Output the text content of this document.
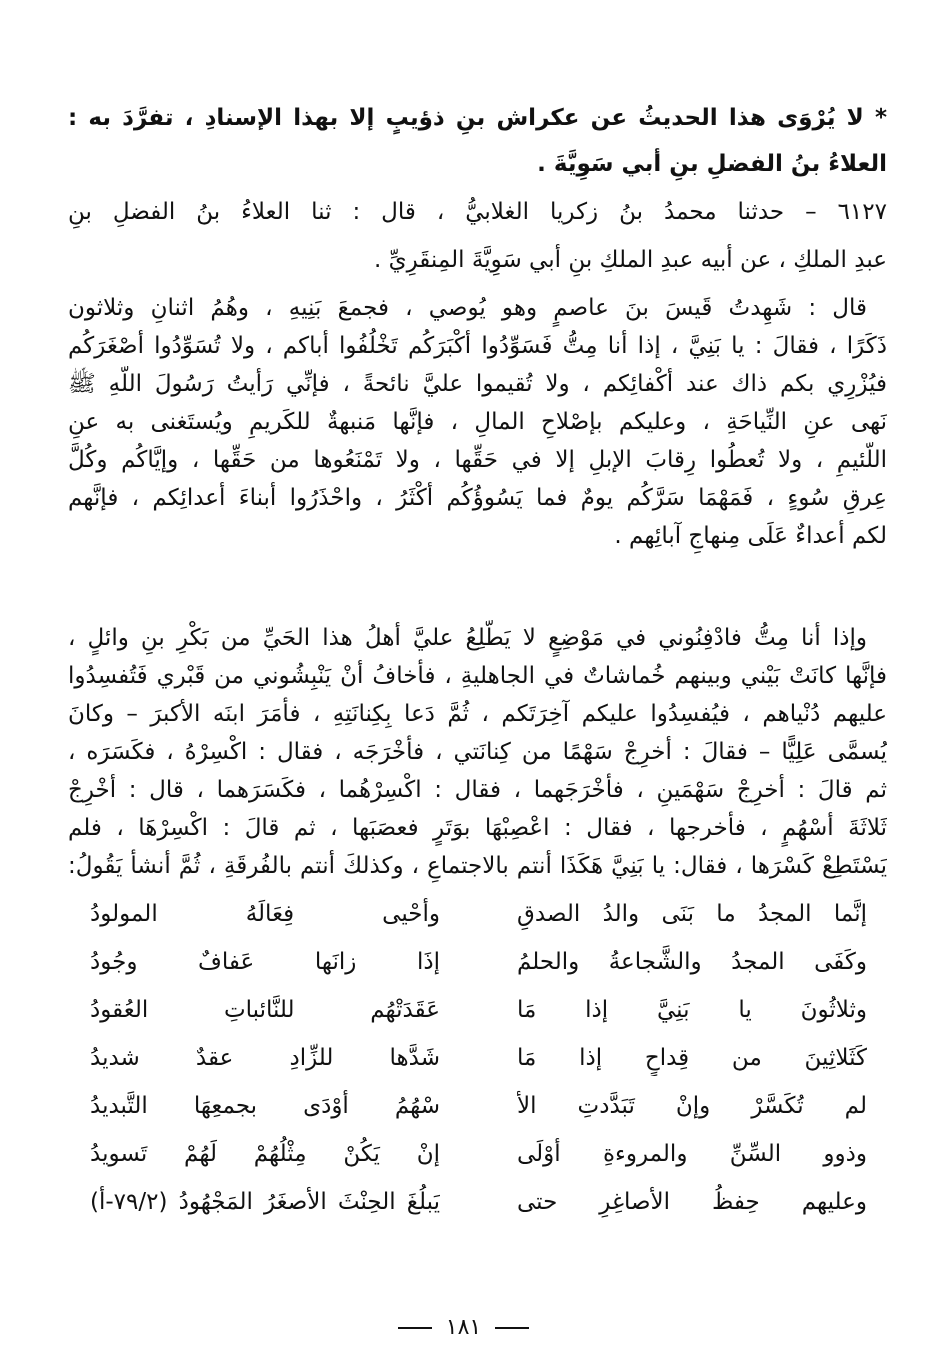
* لا يُرْوَى هذا الحديثُ عن عكراش بنِ ذؤيبٍ إلا بهذا الإسنادِ ، تفرَّدَ به :
العلاءُ بنُ الفضلِ بنِ أبي سَوِيَّةَ .
٦١٢٧ – حدثنا محمدُ بنُ زكريا الغلابيُّ ، قال : ثنا العلاءُ بنُ الفضلِ بنِ
عبدِ الملكِ ، عن أبيه عبدِ الملكِ بنِ أبي سَوِيَّةَ المِنقَرِيِّ .
قال : شَهِدتُ قَيسَ بنَ عاصمٍ وهو يُوصي ، فجمعَ بَنِيهِ ، وهُمُ اثنانِ وثلاثون
ذَكَرًا ، فقالَ : يا بَنِيَّ ، إذا أنا مِتُّ فَسَوِّدُوا أكْبَرَكُم تَخْلُفُوا أباكم ، ولا تُسَوِّدُوا أصْغَرَكُم
فيُزْرِي بكم ذاك عند أكْفائِكم ، ولا تُقيموا عليَّ نائحةً ، فإنِّي رَأيتُ رَسُولَ اللَّهِ ﷺ
نَهى عنِ النِّياحَةِ ، وعليكم بإصْلاحِ المالِ ، فإنَّها مَنبهةٌ للكَريمِ ويُستَغنى به عنِ
اللَّئيمِ ، ولا تُعطُوا رِقابَ الإبلِ إلا في حَقِّها ، ولا تَمْنَعُوها من حَقِّها ، وإيَّاكُم وكُلَّ
عِرقِ سُوءٍ ، فَمَهْمَا سَرَّكُم يومٌ فما يَسُوؤُكُم أكْثَرُ ، واحْذَرُوا أبناءَ أعدائِكم ، فإنَّهم
لكم أعداءٌ عَلَى مِنهاجِ آبائِهم .
وإذا أنا مِتُّ فادْفِنُوني في مَوْضِعٍ لا يَطَّلِعُ عليَّ أهلُ هذا الحَيِّ من بَكْرِ بنِ وائلٍ ،
فإنَّها كانَتْ بَيْني وبينهم خُماشاتٌ في الجاهليةِ ، فأخافُ أنْ يَنْبِشُوني من قَبْري فَتُفسِدُوا
عليهم دُنْياهم ، فيُفسِدُوا عليكم آخِرَتَكم ، ثُمَّ دَعا بِكِنانَتِهِ ، فأمَرَ ابنَه الأكبرَ – وكانَ
يُسمَّى عَلِيًّا – فقالَ : أخرِجْ سَهْمًا من كِنانَتي ، فأخْرَجَه ، فقال : اكْسِرْهُ ، فكَسَرَه ،
ثم قالَ : أخرِجْ سَهْمَينِ ، فأخْرَجَهما ، فقال : اكْسِرْهُما ، فكَسَرَهما ، قال : أخْرِجْ
ثَلاثَةَ أسْهُمٍ ، فأخرجها ، فقال : اعْصِبْهَا بوَتَرٍ فعصَبَها ، ثم قالَ : اكْسِرْهَا ، فلم
يَسْتَطِعْ كَسْرَها ، فقال: يا بَنِيَّ هَكَذَا أنتم بالاجتماعِ ، وكذلكَ أنتم بالفُرقَةِ ، ثُمَّ أنشأ يَقُولُ:
إنَّما المجدُ ما بَنَى والدُ الصدقِ
وأحْيى فِعَالَهُ المولودُ
وكَفَى المجدُ والشَّجاعةُ والحلمُ
إذَا زانَها عَفافٌ وجُودُ
وثلاثُونَ يا بَنِيَّ إذا مَا
عَقَدَتْهُم للنَّائباتِ العُقودُ
كَثَلاثِينَ من قِداحٍ إذا مَا
شَدَّها للزِّادِ عقدٌ شديدُ
لم تُكَسَّرْ وإنْ تَبَدَّدتِ الأ
سْهُمُ أوْدَى بجمعِهَا التَّبديدُ
وذوو السِّنِّ والمروءةِ أوْلَى
إنْ يَكُنْ مِثْلُهُمْ لَهُمْ تَسويدُ
وعليهم حِفظُ الأصاغِرِ حتى
يَبلُغَ الحِنْثَ الأصغَرُ المَجْهُودُ (٧٩/٢-أ)
١٨١
